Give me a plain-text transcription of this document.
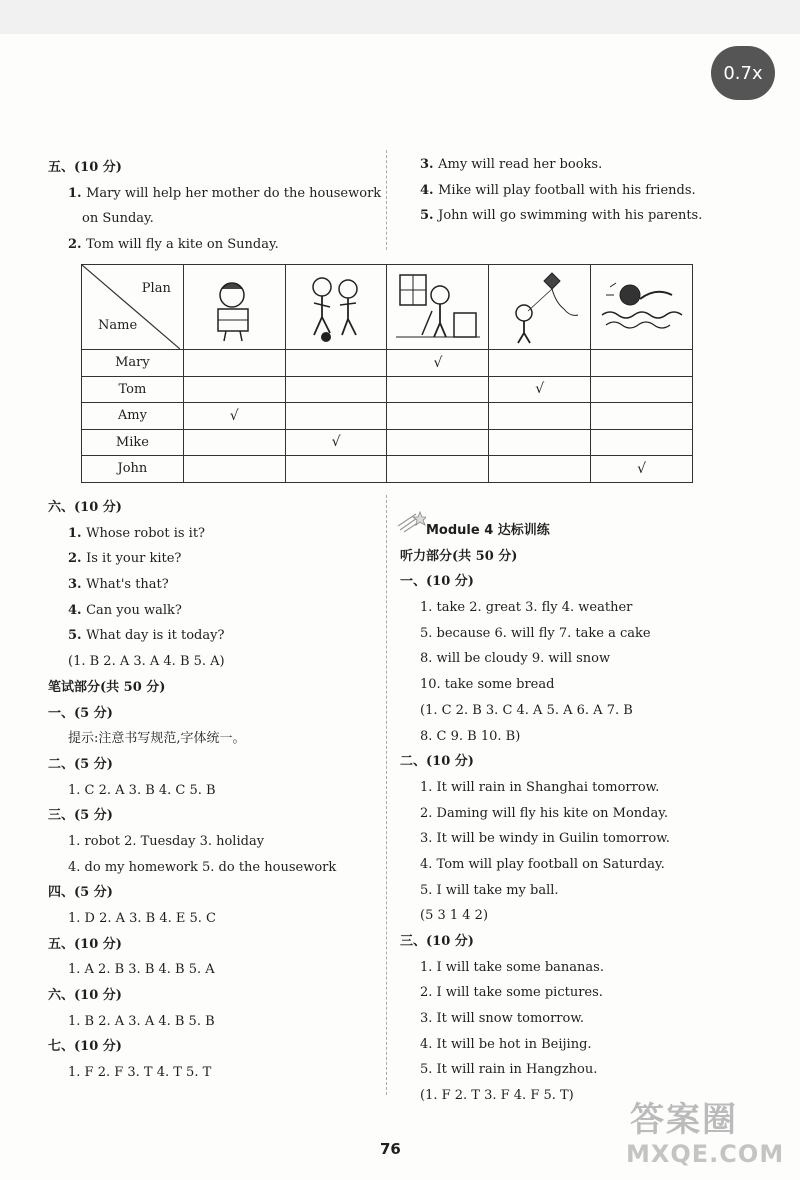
0.7x
五、(10 分)
1. Mary will help her mother do the housework
on Sunday.
2. Tom will fly a kite on Sunday.
3. Amy will read her books.
4. Mike will play football with his friends.
5. John will go swimming with his parents.
Plan
Name

Mary			√		
Tom				√	
Amy	√				
Mike		√			
John					√
六、(10 分)
1. Whose robot is it?
2. Is it your kite?
3. What's that?
4. Can you walk?
5. What day is it today?
(1. B 2. A 3. A 4. B 5. A)
笔试部分(共 50 分)
一、(5 分)
提示:注意书写规范,字体统一。
二、(5 分)
1. C 2. A 3. B 4. C 5. B
三、(5 分)
1. robot 2. Tuesday 3. holiday
4. do my homework 5. do the housework
四、(5 分)
1. D 2. A 3. B 4. E 5. C
五、(10 分)
1. A 2. B 3. B 4. B 5. A
六、(10 分)
1. B 2. A 3. A 4. B 5. B
七、(10 分)
1. F 2. F 3. T 4. T 5. T
Module 4 达标训练
听力部分(共 50 分)
一、(10 分)
1. take 2. great 3. fly 4. weather
5. because 6. will fly 7. take a cake
8. will be cloudy 9. will snow
10. take some bread
(1. C 2. B 3. C 4. A 5. A 6. A 7. B
8. C 9. B 10. B)
二、(10 分)
1. It will rain in Shanghai tomorrow.
2. Daming will fly his kite on Monday.
3. It will be windy in Guilin tomorrow.
4. Tom will play football on Saturday.
5. I will take my ball.
(5 3 1 4 2)
三、(10 分)
1. I will take some bananas.
2. I will take some pictures.
3. It will snow tomorrow.
4. It will be hot in Beijing.
5. It will rain in Hangzhou.
(1. F 2. T 3. F 4. F 5. T)
76
答案圈
MXQE.COM
